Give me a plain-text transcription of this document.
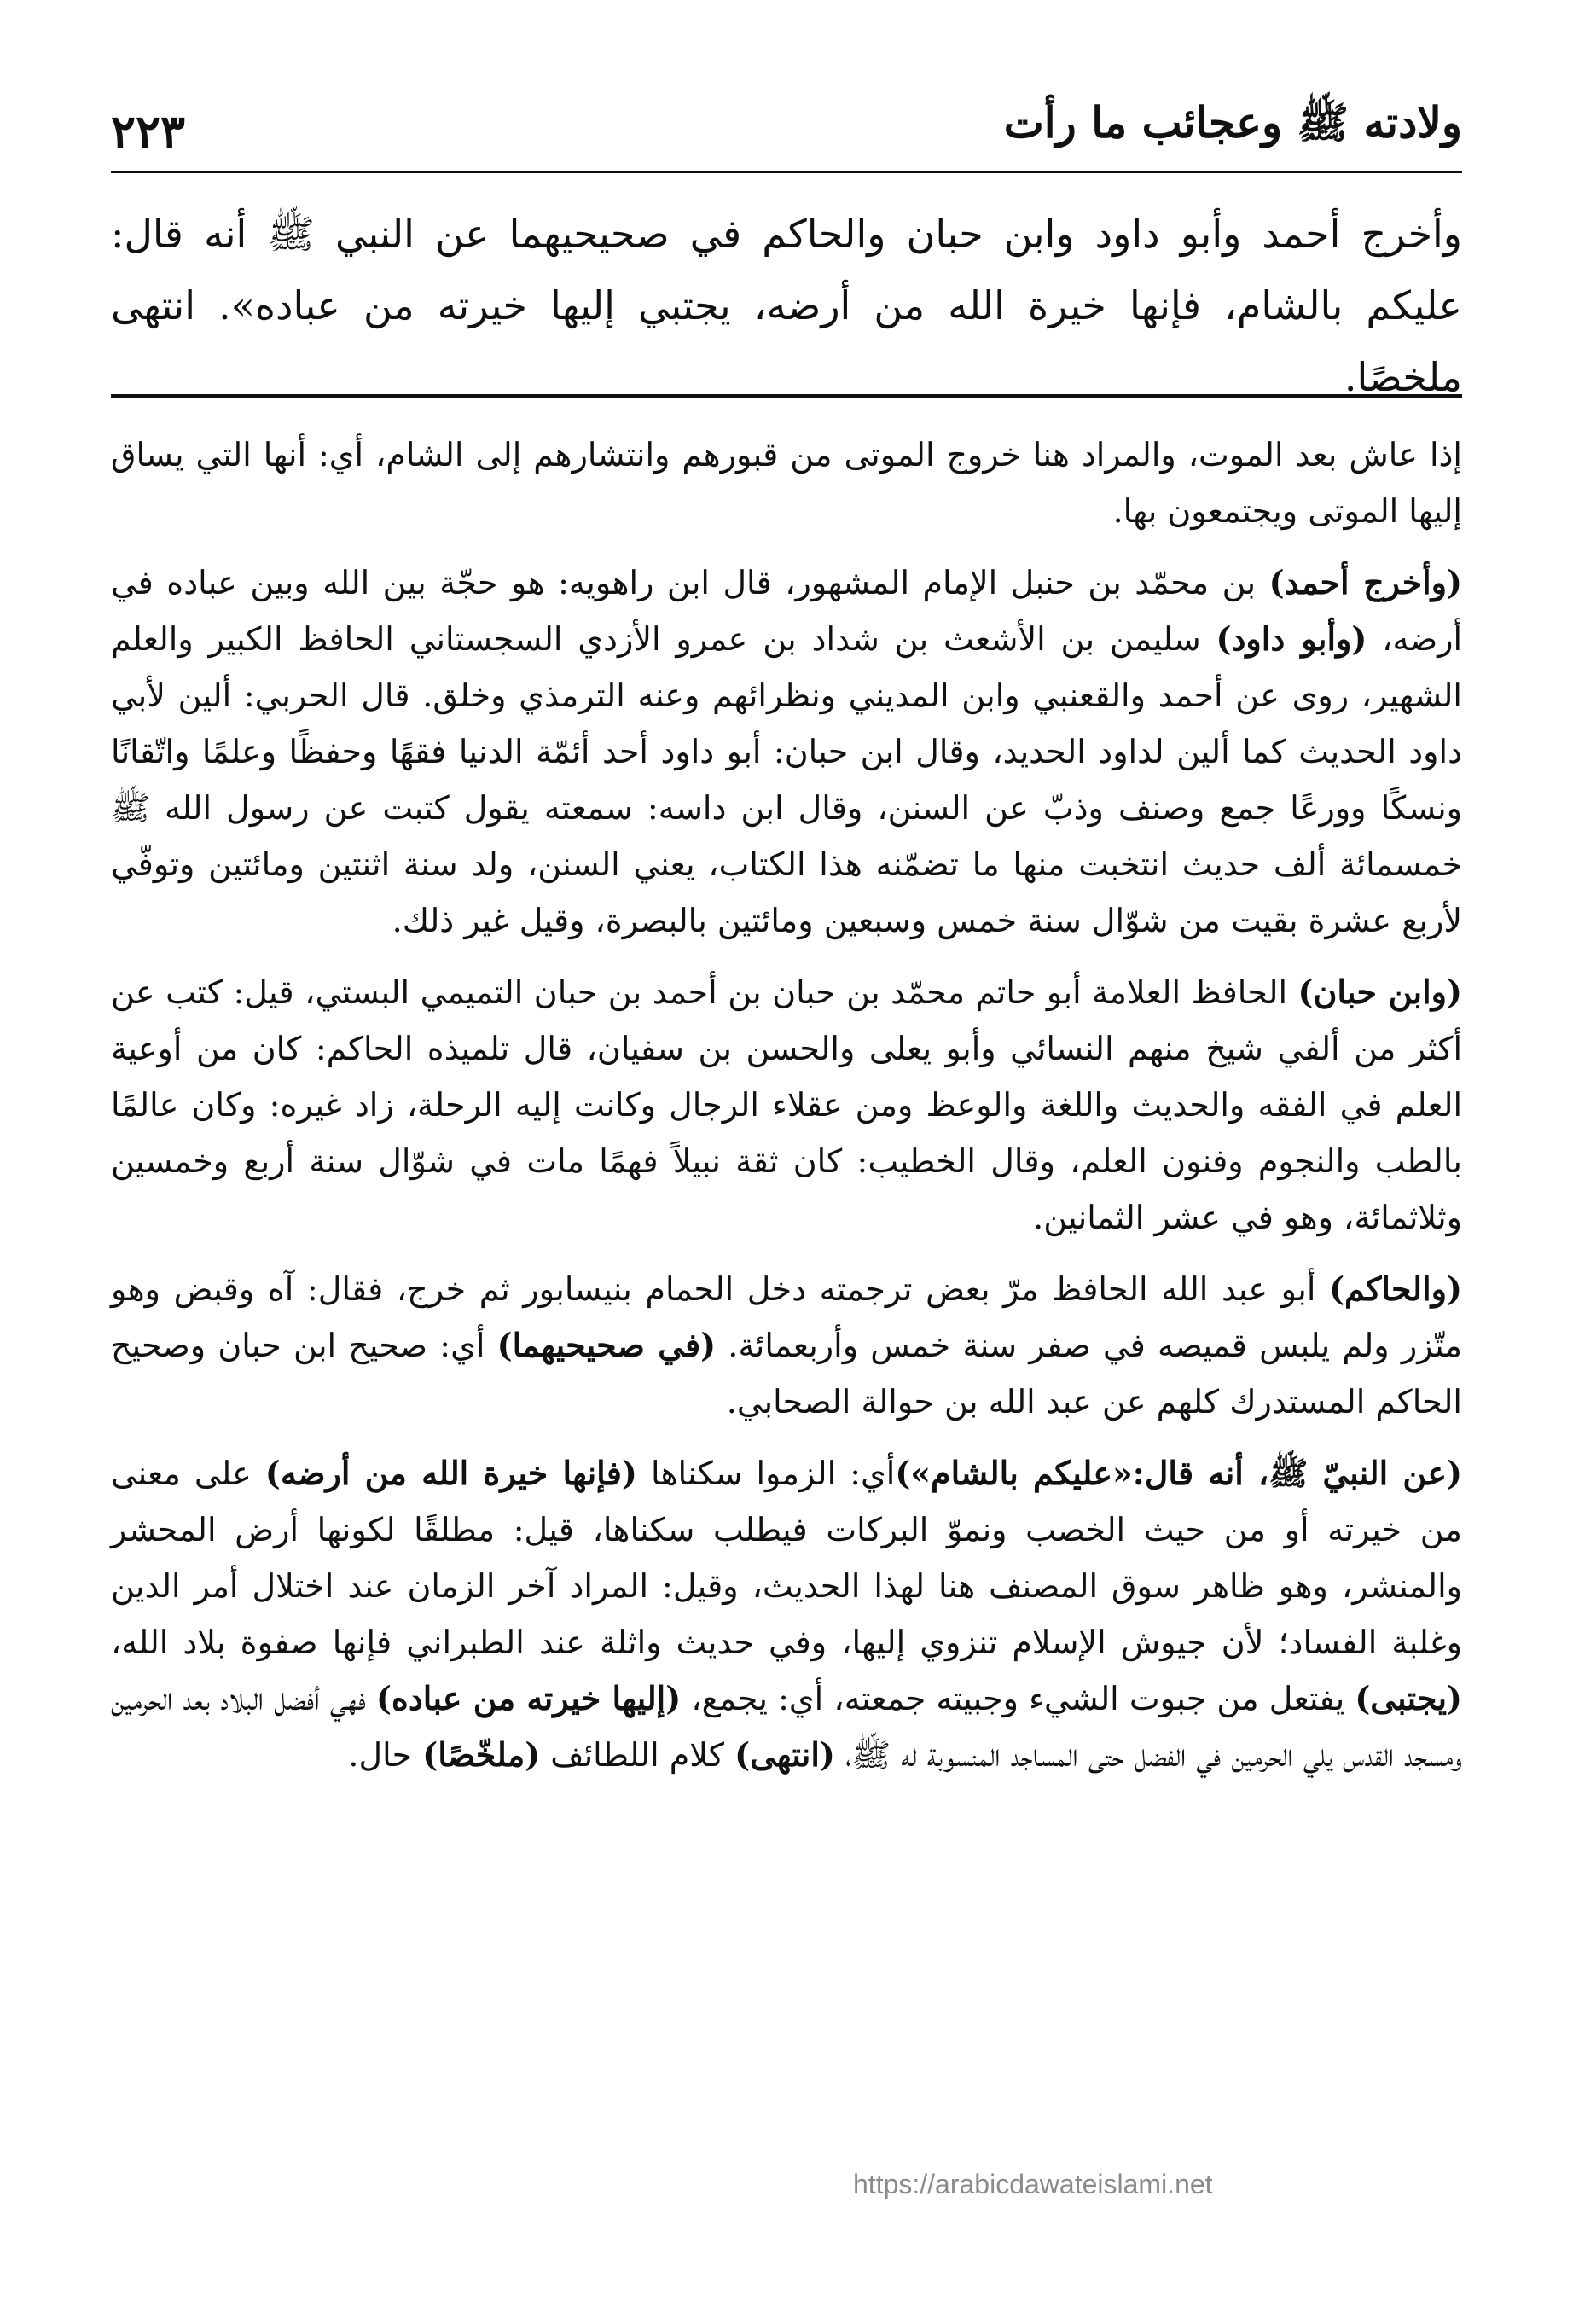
ولادته ﷺ وعجائب ما رأت
٢٢٣

وأخرج أحمد وأبو داود وابن حبان والحاكم في صحيحيهما عن النبي ﷺ أنه قال: عليكم بالشام، فإنها خيرة الله من أرضه، يجتبي إليها خيرته من عباده». انتهى ملخصًا.

إذا عاش بعد الموت، والمراد هنا خروج الموتى من قبورهم وانتشارهم إلى الشام، أي: أنها التي يساق إليها الموتى ويجتمعون بها.

(وأخرج أحمد) بن محمّد بن حنبل الإمام المشهور، قال ابن راهويه: هو حجّة بين الله وبين عباده في أرضه، (وأبو داود) سليمن بن الأشعث بن شداد بن عمرو الأزدي السجستاني الحافظ الكبير والعلم الشهير، روى عن أحمد والقعنبي وابن المديني ونظرائهم وعنه الترمذي وخلق. قال الحربي: ألين لأبي داود الحديث كما ألين لداود الحديد، وقال ابن حبان: أبو داود أحد أئمّة الدنيا فقهًا وحفظًا وعلمًا واتّقانًا ونسكًا وورعًا جمع وصنف وذبّ عن السنن، وقال ابن داسه: سمعته يقول كتبت عن رسول الله ﷺ خمسمائة ألف حديث انتخبت منها ما تضمّنه هذا الكتاب، يعني السنن، ولد سنة اثنتين ومائتين وتوفّي لأربع عشرة بقيت من شوّال سنة خمس وسبعين ومائتين بالبصرة، وقيل غير ذلك.

(وابن حبان) الحافظ العلامة أبو حاتم محمّد بن حبان بن أحمد بن حبان التميمي البستي، قيل: كتب عن أكثر من ألفي شيخ منهم النسائي وأبو يعلى والحسن بن سفيان، قال تلميذه الحاكم: كان من أوعية العلم في الفقه والحديث واللغة والوعظ ومن عقلاء الرجال وكانت إليه الرحلة، زاد غيره: وكان عالمًا بالطب والنجوم وفنون العلم، وقال الخطيب: كان ثقة نبيلاً فهمًا مات في شوّال سنة أربع وخمسين وثلاثمائة، وهو في عشر الثمانين.

(والحاكم) أبو عبد الله الحافظ مرّ بعض ترجمته دخل الحمام بنيسابور ثم خرج، فقال: آه وقبض وهو متّزر ولم يلبس قميصه في صفر سنة خمس وأربعمائة. (في صحيحيهما) أي: صحيح ابن حبان وصحيح الحاكم المستدرك كلهم عن عبد الله بن حوالة الصحابي.

(عن النبيّ ﷺ، أنه قال:«عليكم بالشام»)أي: الزموا سكناها (فإنها خيرة الله من أرضه) على معنى من خيرته أو من حيث الخصب ونموّ البركات فيطلب سكناها، قيل: مطلقًا لكونها أرض المحشر والمنشر، وهو ظاهر سوق المصنف هنا لهذا الحديث، وقيل: المراد آخر الزمان عند اختلال أمر الدين وغلبة الفساد؛ لأن جيوش الإسلام تنزوي إليها، وفي حديث واثلة عند الطبراني فإنها صفوة بلاد الله، (يجتبى) يفتعل من جبوت الشيء وجبيته جمعته، أي: يجمع، (إليها خيرته من عباده) فهي أفضل البلاد بعد الحرمين ومسجد القدس يلي الحرمين في الفضل حتى المساجد المنسوبة له ﷺ، (انتهى) كلام اللطائف (ملخّصًا) حال.

https://arabicdawateislami.net
